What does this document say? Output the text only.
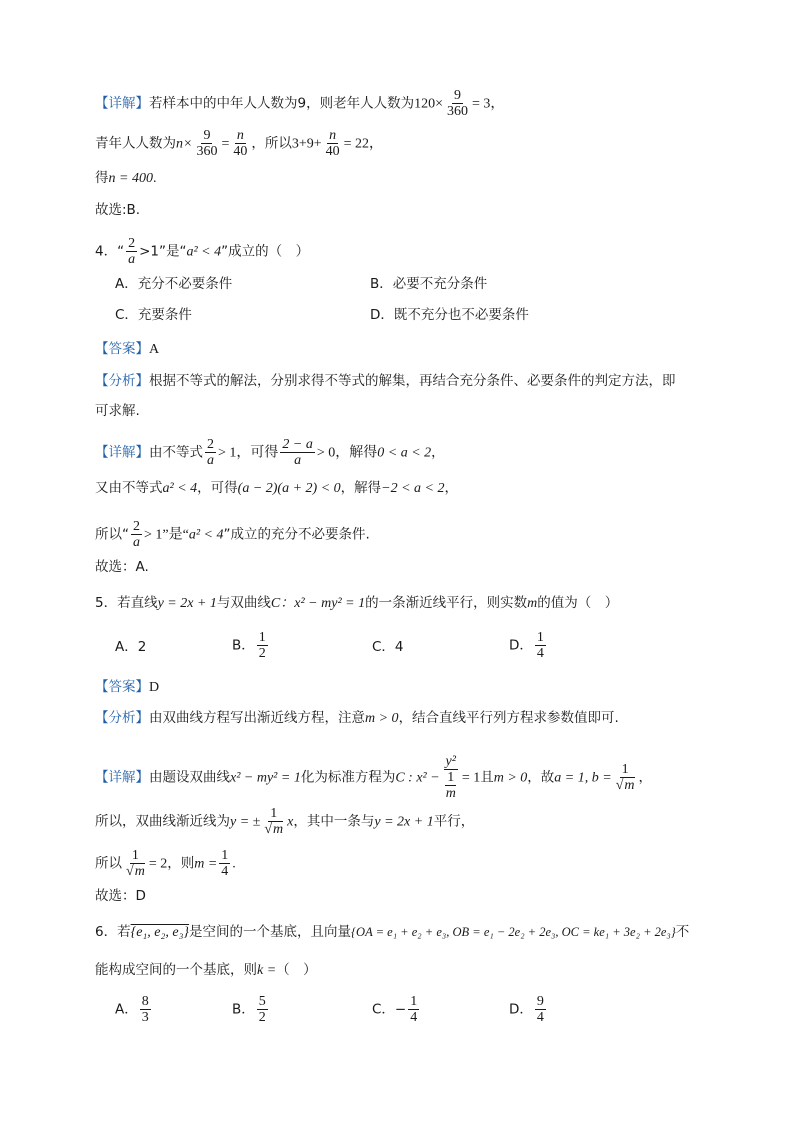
【详解】若样本中的中年人人数为9，则老年人人数为$120\times \frac{9}{360} = 3$，
青年人人数为$n\times \frac{9}{360} = \frac{n}{40}$ ，所以$3+9+ \frac{n}{40} = 22$，
得n = 400.
故选:B.
4．“ $\frac{2}{a} >1$”是“a² < 4”成立的（　）
A．充分不必要条件	B．必要不充分条件
C．充要条件	D．既不充分也不必要条件
【答案】A
【分析】根据不等式的解法，分别求得不等式的解集，再结合充分条件、必要条件的判定方法，即
可求解.
【详解】由不等式 $\frac{2}{a} > 1$，可得 $\frac{2 - a}{a} > 0$，解得0 < a < 2，
又由不等式a² < 4，可得(a − 2)(a + 2) < 0，解得−2 < a < 2，
所以“ $\frac{2}{a} > 1$”是“a² < 4”成立的充分不必要条件.
故选：A.
5．若直线y = 2x + 1与双曲线C：x² − my² = 1的一条渐近线平行，则实数m的值为（　）
A．2	B． $\frac{1}{2}$	C．4	D． $\frac{1}{4}$
【答案】D
【分析】由双曲线方程写出渐近线方程，注意m > 0，结合直线平行列方程求参数值即可.
【详解】由题设双曲线x² − my² = 1化为标准方程为C : $x^2 - \frac{\text{y²}}{\frac{1}{m}} = 1$且m > 0，故a = 1, $b = \frac{1}{√m}$ ，
所以，双曲线渐近线为y = ± $\frac{1}{√m}$ x，其中一条与y = 2x + 1平行，
所以 $\frac{1}{√m} = 2$，则$m = \frac{1}{4}$ .
故选：D
6．若{e₁, e₂, e₃}是空间的一个基底，且向量{OA = e₁ + e₂ + e₃, OB = e₁ − 2e₂ + 2e₃, OC = ke₁ + 3e₂ + 2e₃}不
能构成空间的一个基底，则k =（　）
A． $\frac{8}{3}$	B． $\frac{5}{2}$	C．− $\frac{1}{4}$	D． $\frac{9}{4}$
